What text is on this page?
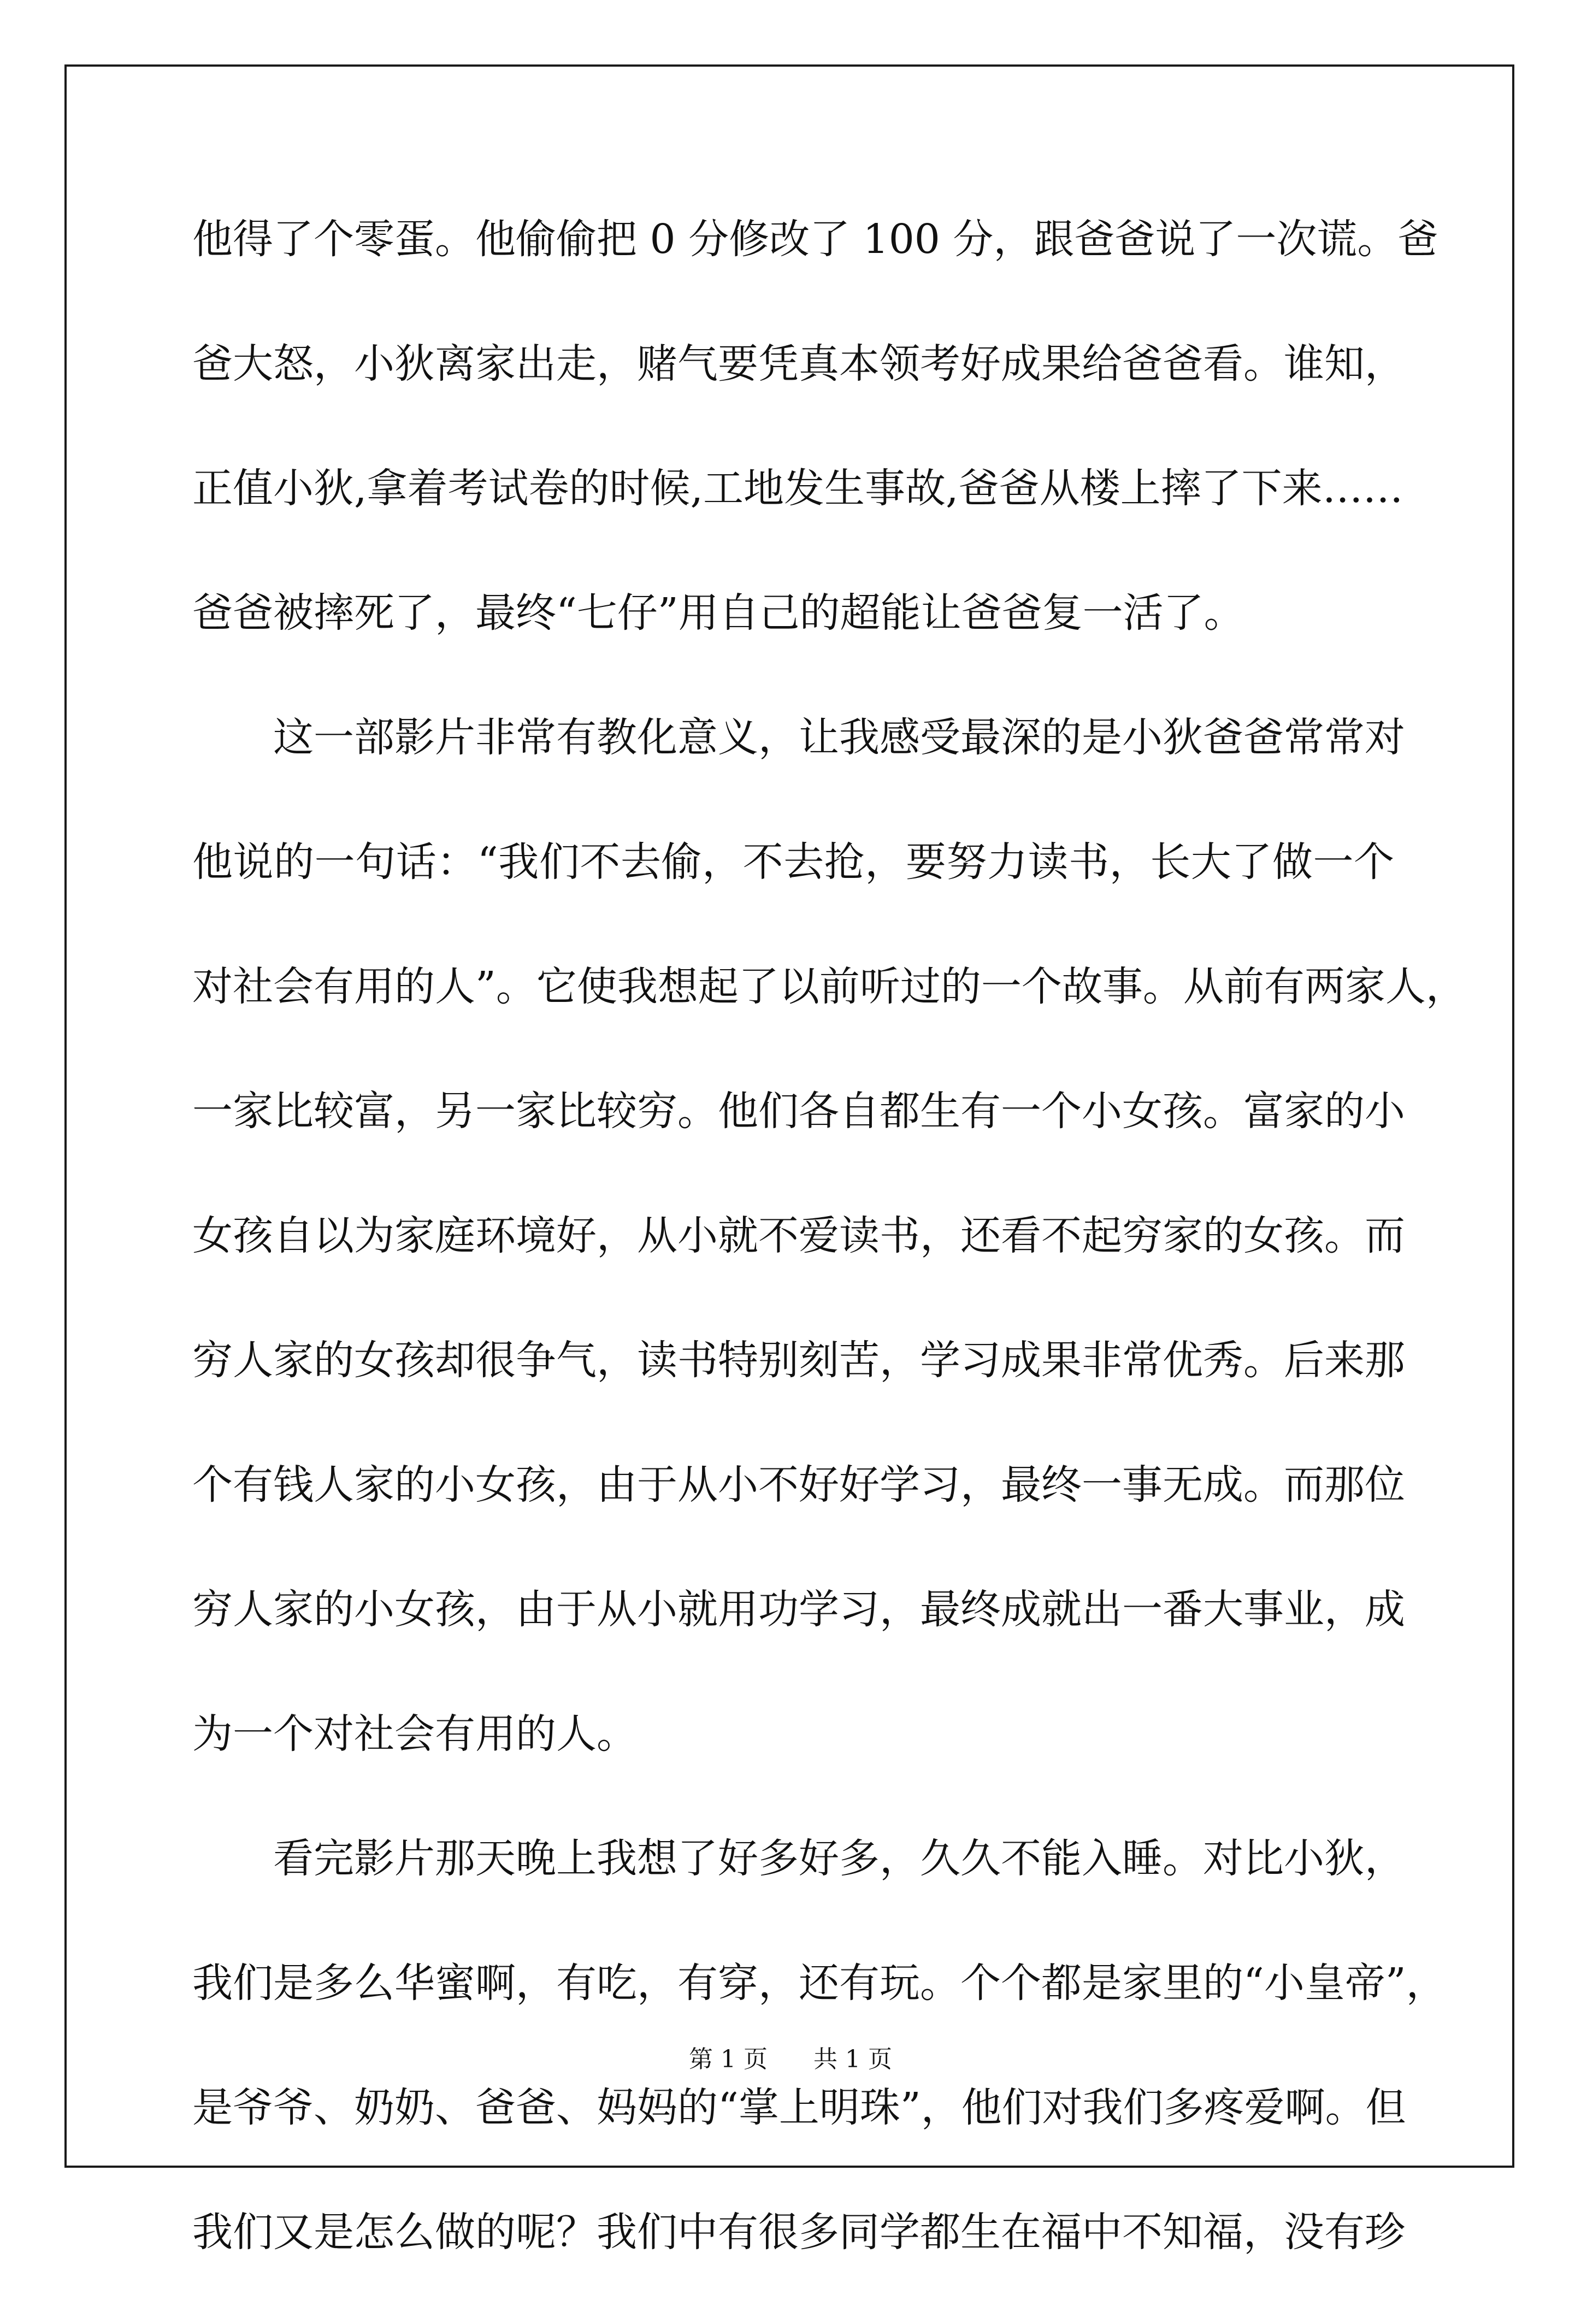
他得了个零蛋。他偷偷把 0 分修改了 100 分，跟爸爸说了一次谎。爸
爸大怒，小狄离家出走，赌气要凭真本领考好成果给爸爸看。谁知，
正值小狄,拿着考试卷的时候,工地发生事故,爸爸从楼上摔了下来……
爸爸被摔死了，最终“七仔”用自己的超能让爸爸复一活了。
这一部影片非常有教化意义，让我感受最深的是小狄爸爸常常对
他说的一句话：“我们不去偷，不去抢，要努力读书，长大了做一个
对社会有用的人”。它使我想起了以前听过的一个故事。从前有两家人，
一家比较富，另一家比较穷。他们各自都生有一个小女孩。富家的小
女孩自以为家庭环境好，从小就不爱读书，还看不起穷家的女孩。而
穷人家的女孩却很争气，读书特别刻苦，学习成果非常优秀。后来那
个有钱人家的小女孩，由于从小不好好学习，最终一事无成。而那位
穷人家的小女孩，由于从小就用功学习，最终成就出一番大事业，成
为一个对社会有用的人。
看完影片那天晚上我想了好多好多，久久不能入睡。对比小狄，
我们是多么华蜜啊，有吃，有穿，还有玩。个个都是家里的“小皇帝”，
是爷爷、奶奶、爸爸、妈妈的“掌上明珠”，他们对我们多疼爱啊。但
我们又是怎么做的呢？我们中有很多同学都生在福中不知福，没有珍
第 1 页 共 1 页
